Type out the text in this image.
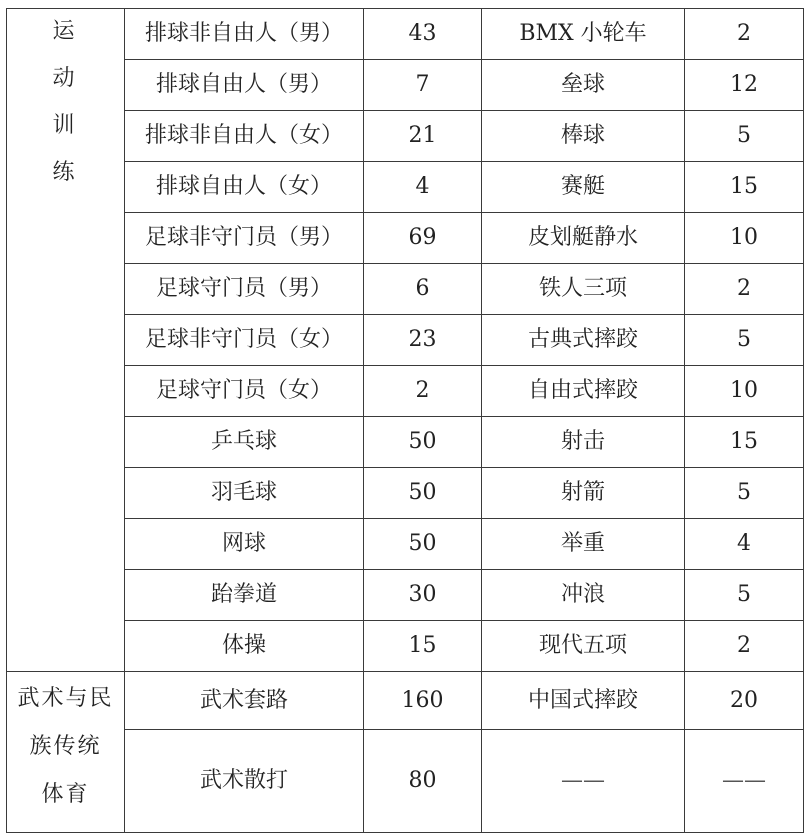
运
动
训
练	排球非自由人（男）	43	BMX 小轮车	2
	排球自由人（男）	7	垒球	12
	排球非自由人（女）	21	棒球	5
	排球自由人（女）	4	赛艇	15
	足球非守门员（男）	69	皮划艇静水	10
	足球守门员（男）	6	铁人三项	2
	足球非守门员（女）	23	古典式摔跤	5
	足球守门员（女）	2	自由式摔跤	10
	乒乓球	50	射击	15
	羽毛球	50	射箭	5
	网球	50	举重	4
	跆拳道	30	冲浪	5
	体操	15	现代五项	2

武术与民
族传统
体育	武术套路	160	中国式摔跤	20
	武术散打	80	——	——
